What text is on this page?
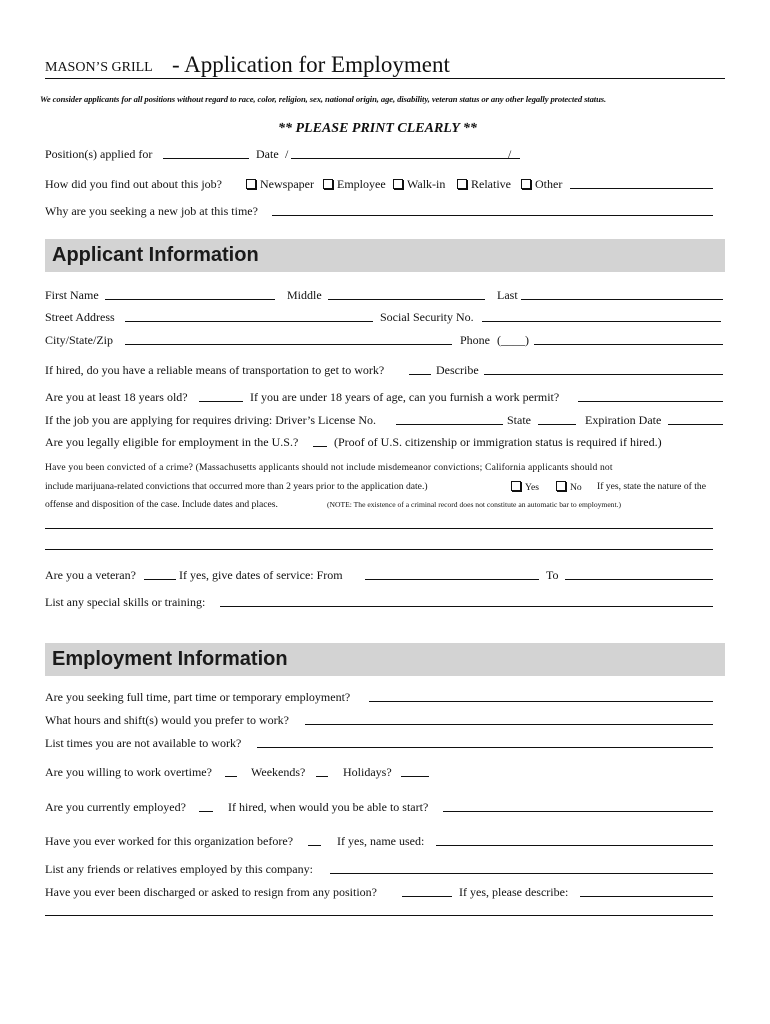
MASON’S GRILL - Application for Employment
We consider applicants for all positions without regard to race, color, religion, sex, national origin, age, disability, veteran status or any other legally protected status.
** PLEASE PRINT CLEARLY **
Position(s) applied for	Date /	/
How did you find out about this job?	Newspaper	Employee	Walk-in	Relative	Other
Why are you seeking a new job at this time?
Applicant Information
First Name	Middle	Last
Street Address	Social Security No.
City/State/Zip	Phone (____)
If hired, do you have a reliable means of transportation to get to work?	Describe
Are you at least 18 years old?	If you are under 18 years of age, can you furnish a work permit?
If the job you are applying for requires driving: Driver’s License No.	State	Expiration Date
Are you legally eligible for employment in the U.S.?	(Proof of U.S. citizenship or immigration status is required if hired.)
Have you been convicted of a crime? (Massachusetts applicants should not include misdemeanor convictions; California applicants should not
include marijuana-related convictions that occurred more than 2 years prior to the application date.)	Yes	No If yes, state the nature of the
offense and disposition of the case. Include dates and places.	(NOTE: The existence of a criminal record does not constitute an automatic bar to employment.)
Are you a veteran?	If yes, give dates of service: From	To
List any special skills or training:
Employment Information
Are you seeking full time, part time or temporary employment?
What hours and shift(s) would you prefer to work?
List times you are not available to work?
Are you willing to work overtime?	Weekends?	Holidays?
Are you currently employed?	If hired, when would you be able to start?
Have you ever worked for this organization before?	If yes, name used:
List any friends or relatives employed by this company:
Have you ever been discharged or asked to resign from any position?	If yes, please describe:
